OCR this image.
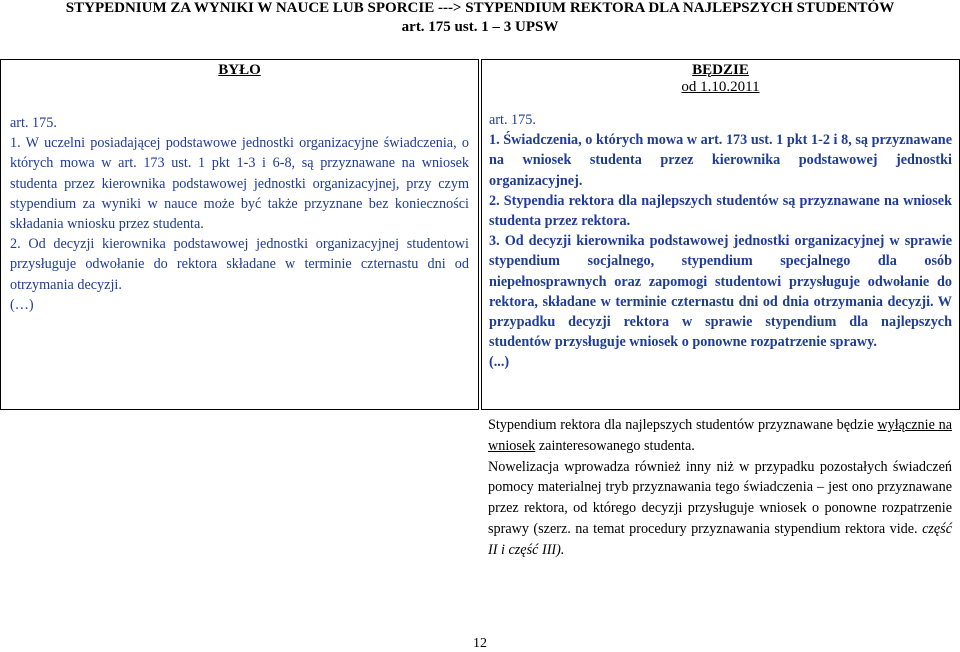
STYPEDNIUM ZA WYNIKI W NAUCE LUB SPORCIE ---> STYPENDIUM REKTORA DLA NAJLEPSZYCH STUDENTÓW
art. 175 ust. 1 – 3 UPSW
BYŁO

art. 175.

1. W uczelni posiadającej podstawowe jednostki organizacyjne świadczenia, o których mowa w art. 173 ust. 1 pkt 1-3 i 6-8, są przyznawane na wniosek studenta przez kierownika podstawowej jednostki organizacyjnej, przy czym stypendium za wyniki w nauce może być także przyznane bez konieczności składania wniosku przez studenta.

2. Od decyzji kierownika podstawowej jednostki organizacyjnej studentowi przysługuje odwołanie do rektora składane w terminie czternastu dni od otrzymania decyzji.

(…)

BĘDZIE
od 1.10.2011

art. 175.

1. Świadczenia, o których mowa w art. 173 ust. 1 pkt 1-2 i 8, są przyznawane na wniosek studenta przez kierownika podstawowej jednostki organizacyjnej.

2. Stypendia rektora dla najlepszych studentów są przyznawane na wniosek studenta przez rektora.

3. Od decyzji kierownika podstawowej jednostki organizacyjnej w sprawie stypendium socjalnego, stypendium specjalnego dla osób niepełnosprawnych oraz zapomogi studentowi przysługuje odwołanie do rektora, składane w terminie czternastu dni od dnia otrzymania decyzji. W przypadku decyzji rektora w sprawie stypendium dla najlepszych studentów przysługuje wniosek o ponowne rozpatrzenie sprawy.

(...)

Stypendium rektora dla najlepszych studentów przyznawane będzie wyłącznie na wniosek zainteresowanego studenta.

Nowelizacja wprowadza również inny niż w przypadku pozostałych świadczeń pomocy materialnej tryb przyznawania tego świadczenia – jest ono przyznawane przez rektora, od którego decyzji przysługuje wniosek o ponowne rozpatrzenie sprawy (szerz. na temat procedury przyznawania stypendium rektora vide. część II i część III).

12
